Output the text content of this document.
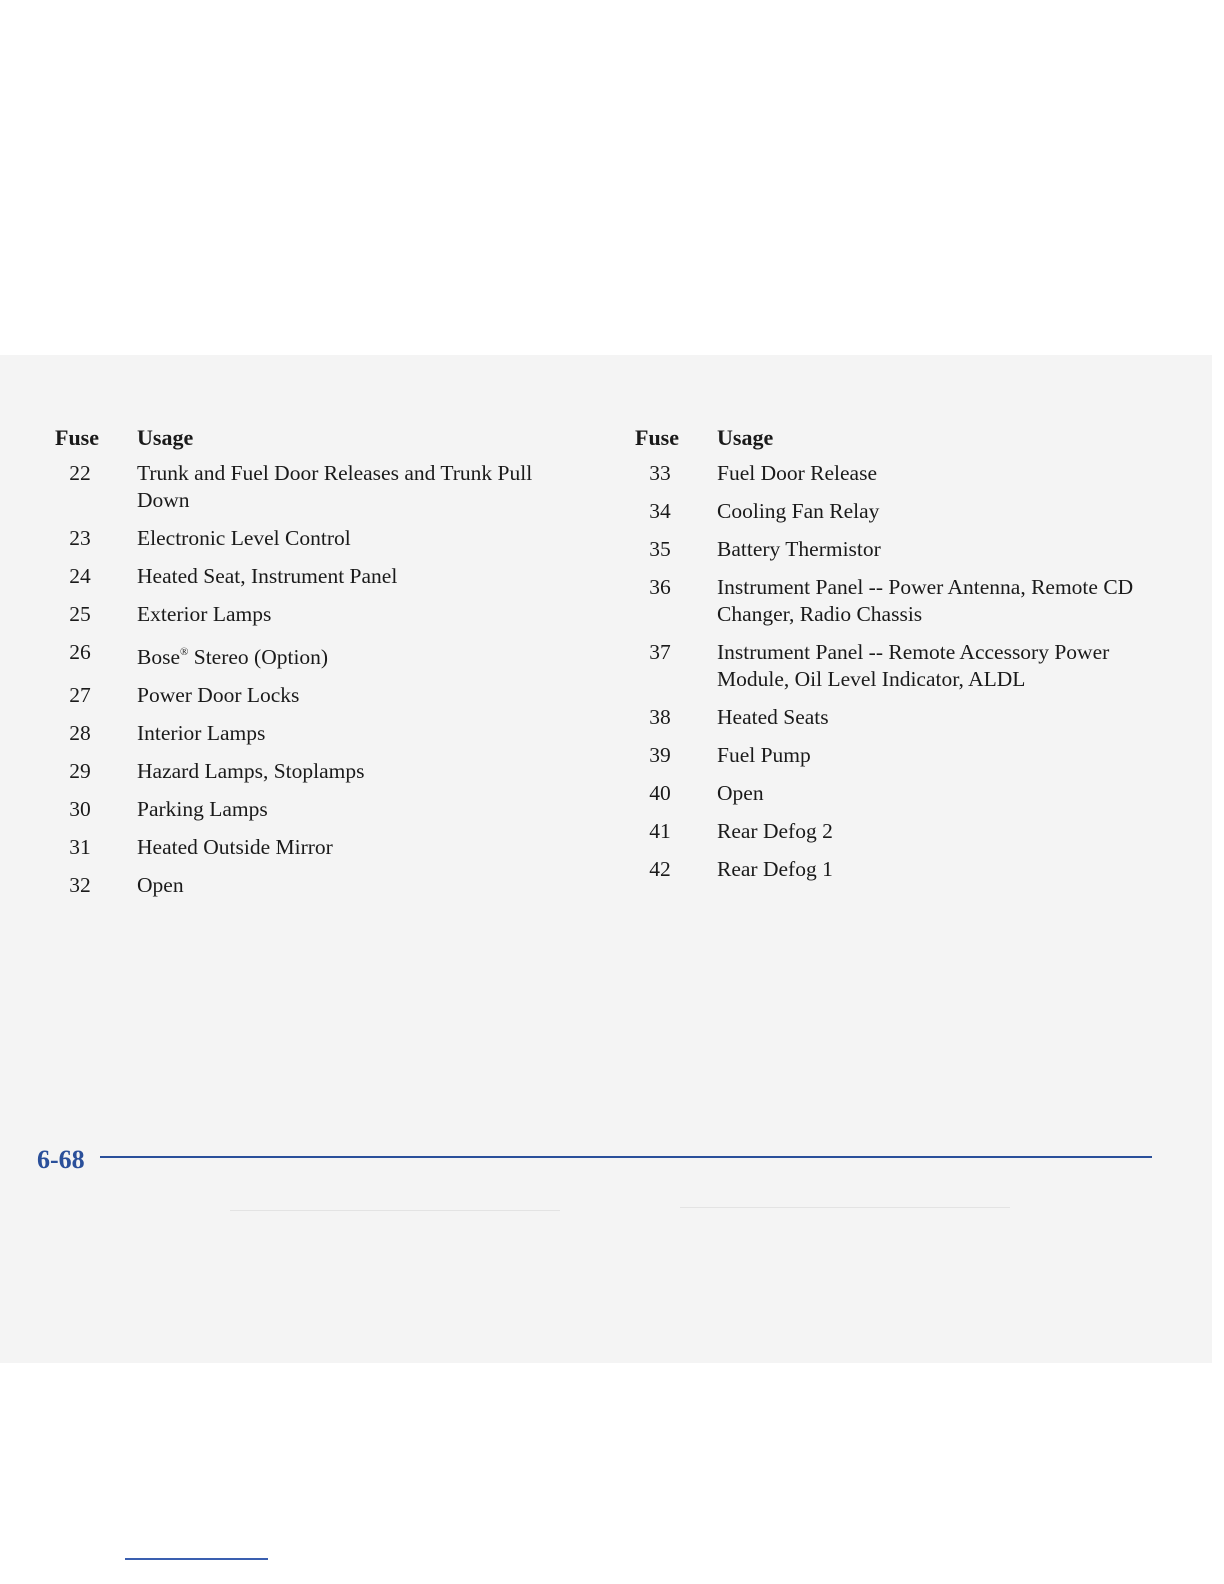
Fuse	Usage
22	Trunk and Fuel Door Releases and Trunk Pull Down
23	Electronic Level Control
24	Heated Seat, Instrument Panel
25	Exterior Lamps
26	Bose® Stereo (Option)
27	Power Door Locks
28	Interior Lamps
29	Hazard Lamps, Stoplamps
30	Parking Lamps
31	Heated Outside Mirror
32	Open
Fuse	Usage
33	Fuel Door Release
34	Cooling Fan Relay
35	Battery Thermistor
36	Instrument Panel -- Power Antenna, Remote CD Changer, Radio Chassis
37	Instrument Panel -- Remote Accessory Power Module, Oil Level Indicator, ALDL
38	Heated Seats
39	Fuel Pump
40	Open
41	Rear Defog 2
42	Rear Defog 1
6-68
